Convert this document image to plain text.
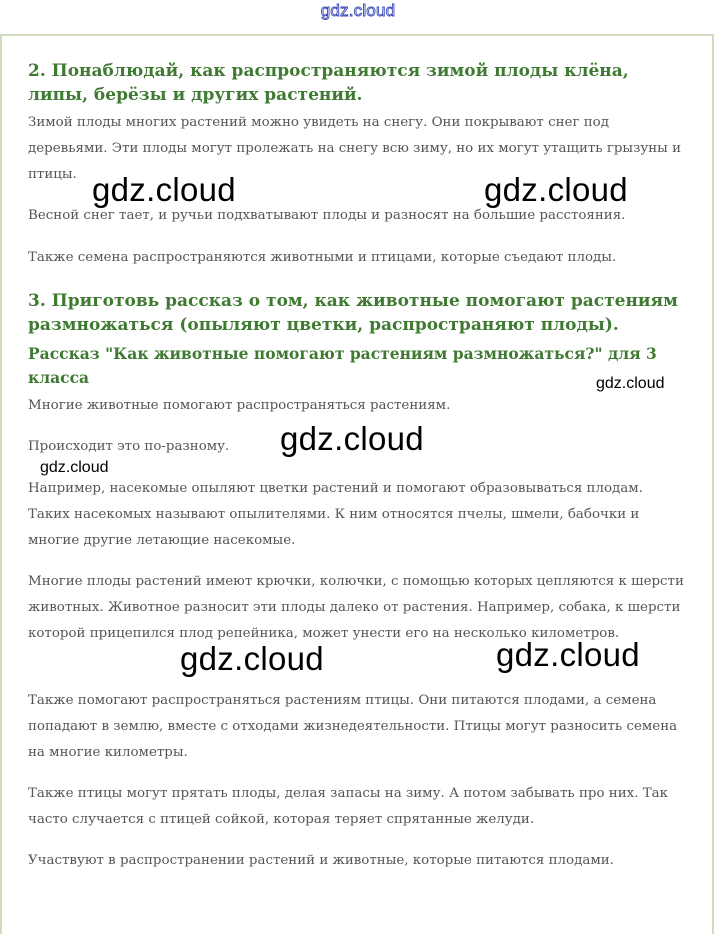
gdz.cloud
2. Понаблюдай, как распространяются зимой плоды клёна, липы, берёзы и других растений.

Зимой плоды многих растений можно увидеть на снегу. Они покрывают снег под деревьями. Эти плоды могут пролежать на снегу всю зиму, но их могут утащить грызуны и птицы.

Весной снег тает, и ручьи подхватывают плоды и разносят на большие расстояния.

Также семена распространяются животными и птицами, которые съедают плоды.

3. Приготовь рассказ о том, как животные помогают растениям размножаться (опыляют цветки, распространяют плоды).
Рассказ "Как животные помогают растениям размножаться?" для 3 класса

Многие животные помогают распространяться растениям.

Происходит это по-разному.

Например, насекомые опыляют цветки растений и помогают образовываться плодам. Таких насекомых называют опылителями. К ним относятся пчелы, шмели, бабочки и многие другие летающие насекомые.

Многие плоды растений имеют крючки, колючки, с помощью которых цепляются к шерсти животных. Животное разносит эти плоды далеко от растения. Например, собака, к шерсти которой прицепился плод репейника, может унести его на несколько километров.

Также помогают распространяться растениям птицы. Они питаются плодами, а семена попадают в землю, вместе с отходами жизнедеятельности. Птицы могут разносить семена на многие километры.

Также птицы могут прятать плоды, делая запасы на зиму. А потом забывать про них. Так часто случается с птицей сойкой, которая теряет спрятанные желуди.

Участвуют в распространении растений и животные, которые питаются плодами.

gdz.cloud	gdz.cloud
gdz.cloud
gdz.cloud
gdz.cloud
gdz.cloud	gdz.cloud
